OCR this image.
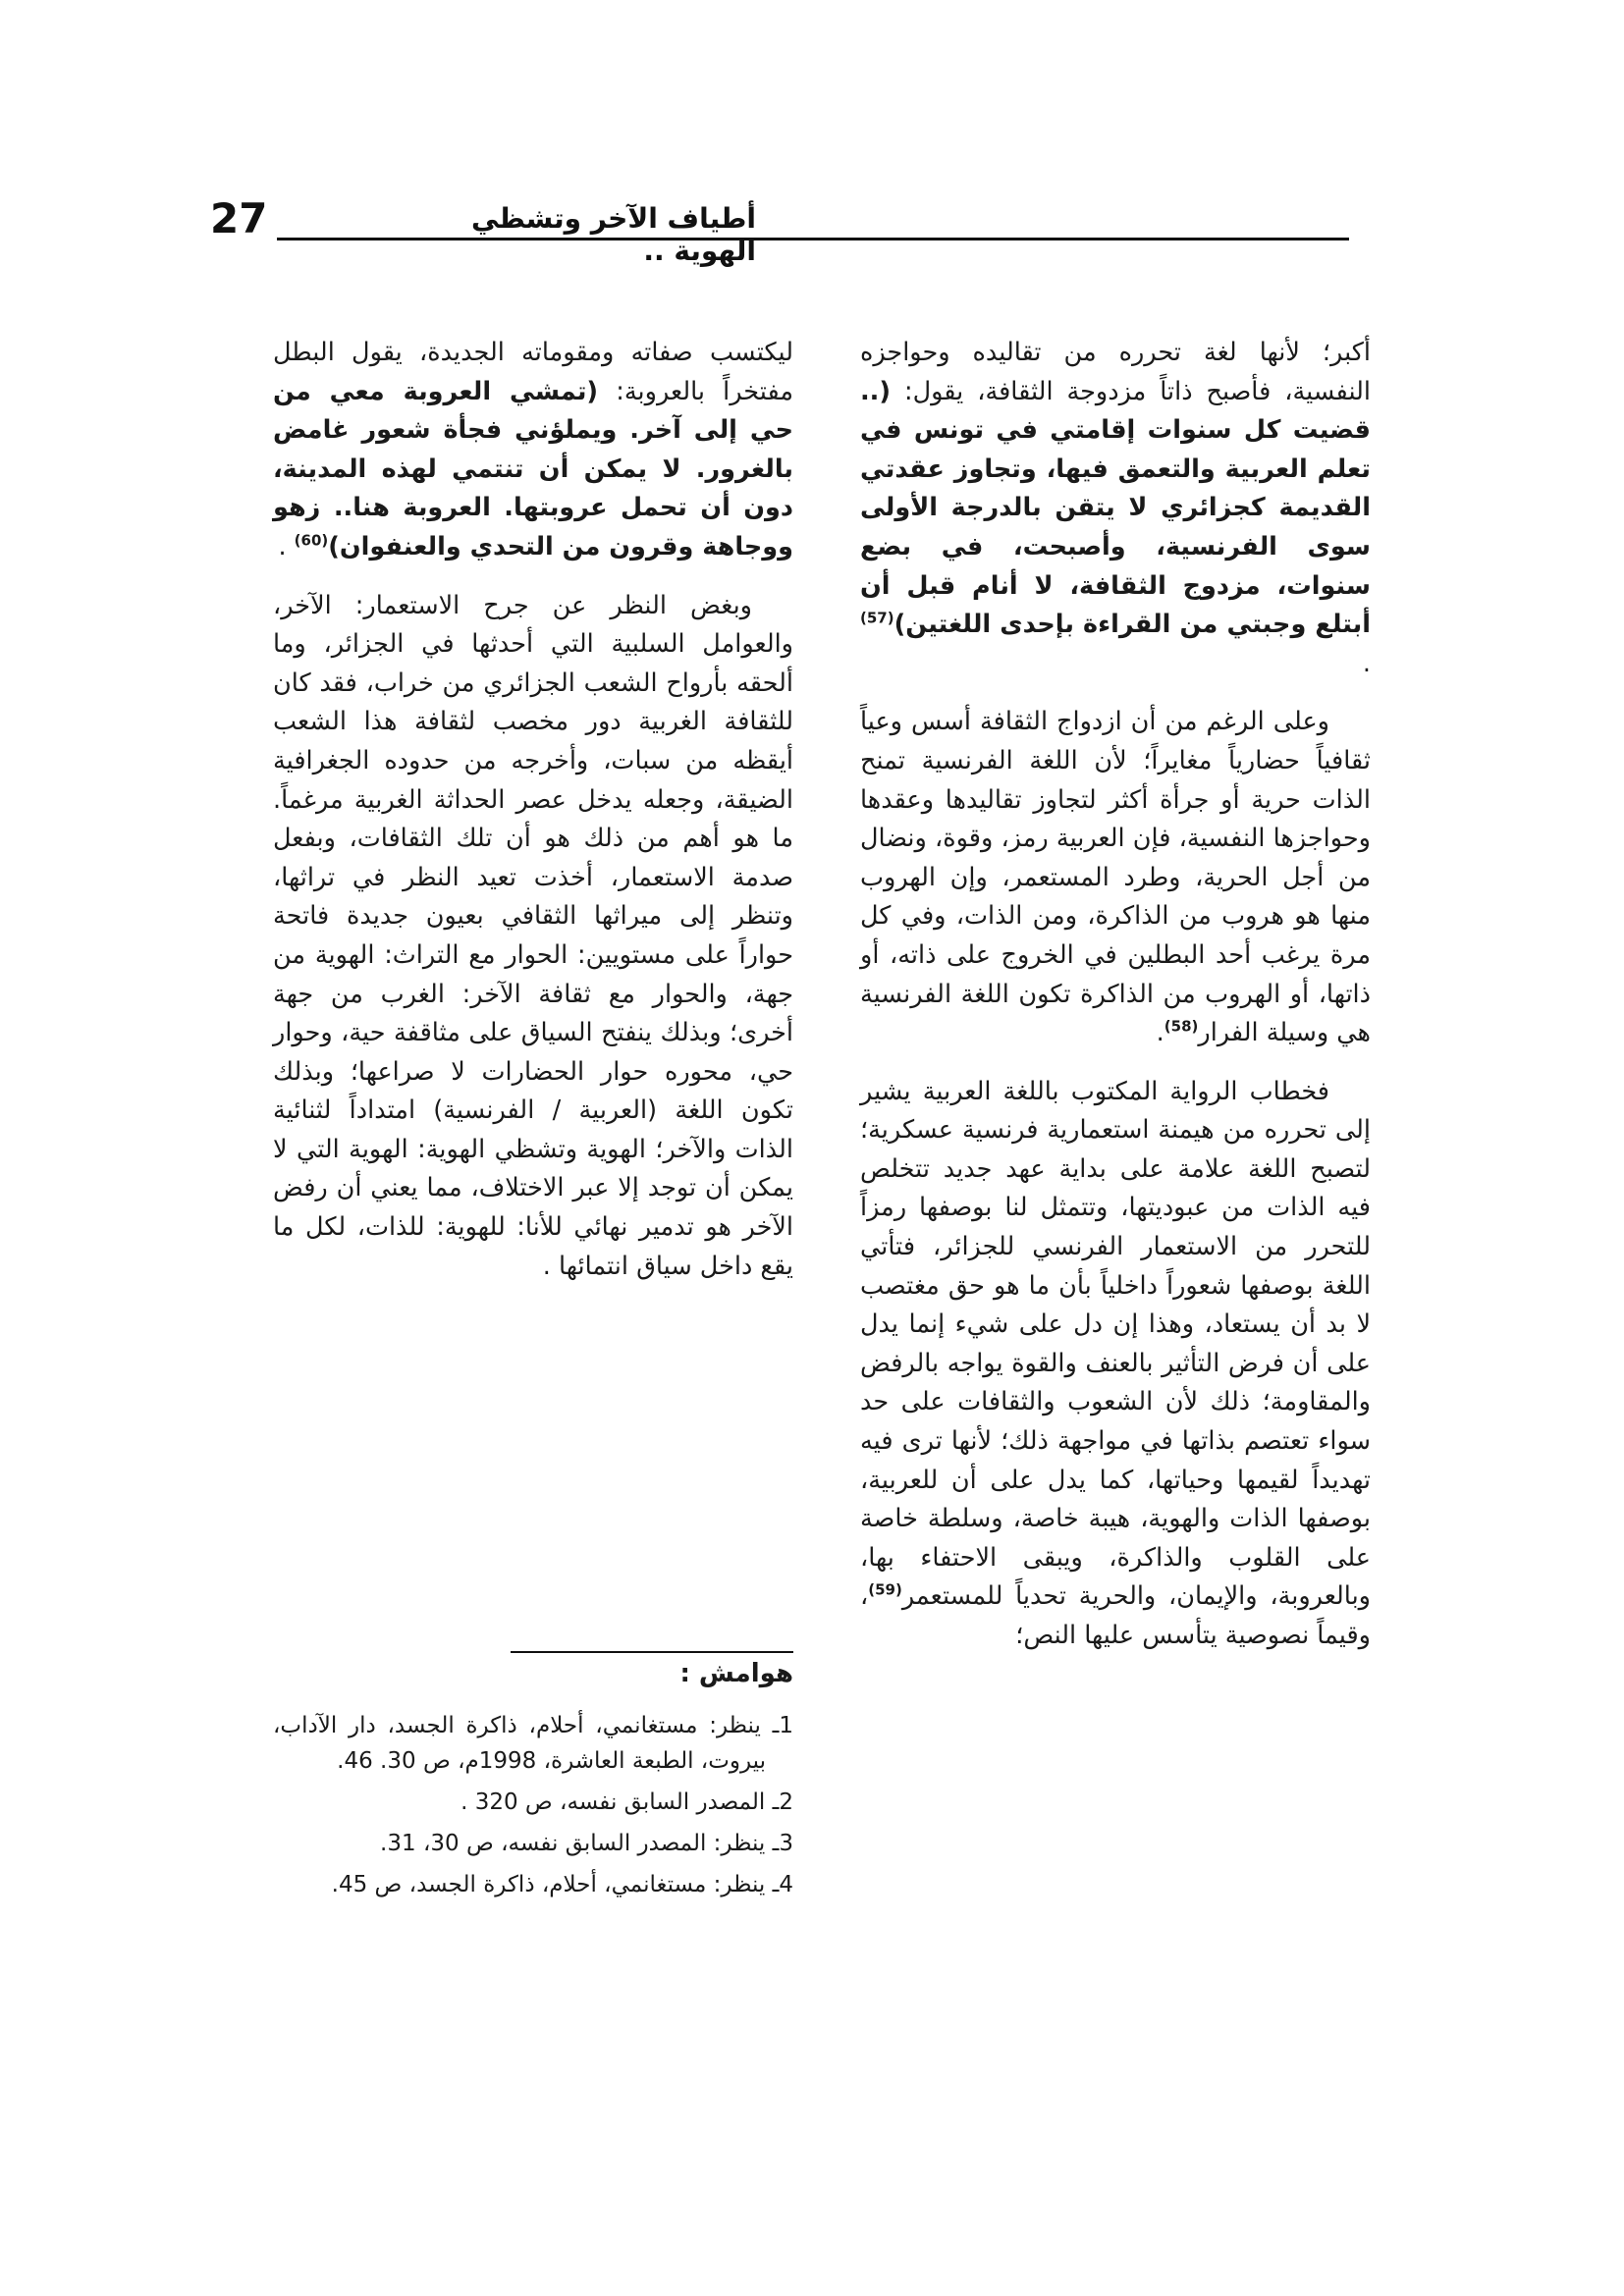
27	أطياف الآخر وتشظي الهوية ..

أكبر؛ لأنها لغة تحرره من تقاليده وحواجزه النفسية، فأصبح ذاتاً مزدوجة الثقافة، يقول: (.. قضيت كل سنوات إقامتي في تونس في تعلم العربية والتعمق فيها، وتجاوز عقدتي القديمة كجزائري لا يتقن بالدرجة الأولى سوى الفرنسية، وأصبحت، في بضع سنوات، مزدوج الثقافة، لا أنام قبل أن أبتلع وجبتي من القراءة بإحدى اللغتين)$^{(57)}$ .

وعلى الرغم من أن ازدواج الثقافة أسس وعياً ثقافياً حضارياً مغايراً؛ لأن اللغة الفرنسية تمنح الذات حرية أو جرأة أكثر لتجاوز تقاليدها وعقدها وحواجزها النفسية، فإن العربية رمز، وقوة، ونضال من أجل الحرية، وطرد المستعمر، وإن الهروب منها هو هروب من الذاكرة، ومن الذات، وفي كل مرة يرغب أحد البطلين في الخروج على ذاته، أو ذاتها، أو الهروب من الذاكرة تكون اللغة الفرنسية هي وسيلة الفرار$^{(58)}$.

فخطاب الرواية المكتوب باللغة العربية يشير إلى تحرره من هيمنة استعمارية فرنسية عسكرية؛ لتصبح اللغة علامة على بداية عهد جديد تتخلص فيه الذات من عبوديتها، وتتمثل لنا بوصفها رمزاً للتحرر من الاستعمار الفرنسي للجزائر، فتأتي اللغة بوصفها شعوراً داخلياً بأن ما هو حق مغتصب لا بد أن يستعاد، وهذا إن دل على شيء إنما يدل على أن فرض التأثير بالعنف والقوة يواجه بالرفض والمقاومة؛ ذلك لأن الشعوب والثقافات على حد سواء تعتصم بذاتها في مواجهة ذلك؛ لأنها ترى فيه تهديداً لقيمها وحياتها، كما يدل على أن للعربية، بوصفها الذات والهوية، هيبة خاصة، وسلطة خاصة على القلوب والذاكرة، ويبقى الاحتفاء بها، وبالعروبة، والإيمان، والحرية تحدياً للمستعمر$^{(59)}$، وقيماً نصوصية يتأسس عليها النص؛

ليكتسب صفاته ومقوماته الجديدة، يقول البطل مفتخراً بالعروبة: (تمشي العروبة معي من حي إلى آخر. ويملؤني فجأة شعور غامض بالغرور. لا يمكن أن تنتمي لهذه المدينة، دون أن تحمل عروبتها. العروبة هنا.. زهو ووجاهة وقرون من التحدي والعنفوان)$^{(60)}$ .

وبغض النظر عن جرح الاستعمار: الآخر، والعوامل السلبية التي أحدثها في الجزائر، وما ألحقه بأرواح الشعب الجزائري من خراب، فقد كان للثقافة الغربية دور مخصب لثقافة هذا الشعب أيقظه من سبات، وأخرجه من حدوده الجغرافية الضيقة، وجعله يدخل عصر الحداثة الغربية مرغماً. ما هو أهم من ذلك هو أن تلك الثقافات، وبفعل صدمة الاستعمار، أخذت تعيد النظر في تراثها، وتنظر إلى ميراثها الثقافي بعيون جديدة فاتحة حواراً على مستويين: الحوار مع التراث: الهوية من جهة، والحوار مع ثقافة الآخر: الغرب من جهة أخرى؛ وبذلك ينفتح السياق على مثاقفة حية، وحوار حي، محوره حوار الحضارات لا صراعها؛ وبذلك تكون اللغة (العربية / الفرنسية) امتداداً لثنائية الذات والآخر؛ الهوية وتشظي الهوية: الهوية التي لا يمكن أن توجد إلا عبر الاختلاف، مما يعني أن رفض الآخر هو تدمير نهائي للأنا: للهوية: للذات، لكل ما يقع داخل سياق انتمائها .

هوامش :
1ـ ينظر: مستغانمي، أحلام، ذاكرة الجسد، دار الآداب، بيروت، الطبعة العاشرة، 1998م، ص 30. 46.
2ـ المصدر السابق نفسه، ص 320 .
3ـ ينظر: المصدر السابق نفسه، ص 30، 31.
4ـ ينظر: مستغانمي، أحلام، ذاكرة الجسد، ص 45.
